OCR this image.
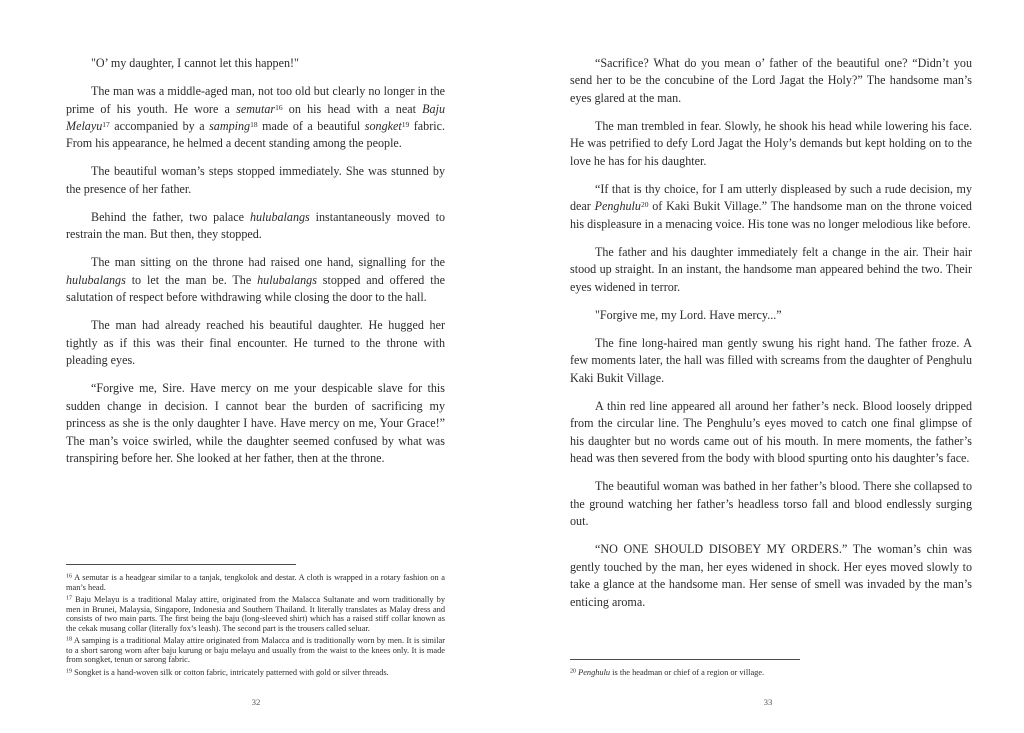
"O’ my daughter, I cannot let this happen!"

The man was a middle-aged man, not too old but clearly no longer in the prime of his youth. He wore a semutar$^{16}$ on his head with a neat Baju Melayu$^{17}$ accompanied by a samping$^{18}$ made of a beautiful songket$^{19}$ fabric. From his appearance, he helmed a decent standing among the people.

The beautiful woman’s steps stopped immediately. She was stunned by the presence of her father.

Behind the father, two palace hulubalangs instantaneously moved to restrain the man. But then, they stopped.

The man sitting on the throne had raised one hand, signalling for the hulubalangs to let the man be. The hulubalangs stopped and offered the salutation of respect before withdrawing while closing the door to the hall.

The man had already reached his beautiful daughter. He hugged her tightly as if this was their final encounter. He turned to the throne with pleading eyes.

“Forgive me, Sire. Have mercy on me your despicable slave for this sudden change in decision. I cannot bear the burden of sacrificing my princess as she is the only daughter I have. Have mercy on me, Your Grace!” The man’s voice swirled, while the daughter seemed confused by what was transpiring before her. She looked at her father, then at the throne.

$^{16}$ A semutar is a headgear similar to a tanjak, tengkolok and destar. A cloth is wrapped in a rotary fashion on a man’s head.

$^{17}$ Baju Melayu is a traditional Malay attire, originated from the Malacca Sultanate and worn traditionally by men in Brunei, Malaysia, Singapore, Indonesia and Southern Thailand. It literally translates as Malay dress and consists of two main parts. The first being the baju (long-sleeved shirt) which has a raised stiff collar known as the cekak musang collar (literally fox’s leash). The second part is the trousers called seluar.

$^{18}$ A samping is a traditional Malay attire originated from Malacca and is traditionally worn by men. It is similar to a short sarong worn after baju kurung or baju melayu and usually from the waist to the knees only. It is made from songket, tenun or sarong fabric.

$^{19}$ Songket is a hand-woven silk or cotton fabric, intricately patterned with gold or silver threads.

32

“Sacrifice? What do you mean o’ father of the beautiful one? “Didn’t you send her to be the concubine of the Lord Jagat the Holy?” The handsome man’s eyes glared at the man.

The man trembled in fear. Slowly, he shook his head while lowering his face. He was petrified to defy Lord Jagat the Holy’s demands but kept holding on to the love he has for his daughter.

“If that is thy choice, for I am utterly displeased by such a rude decision, my dear Penghulu$^{20}$ of Kaki Bukit Village.” The handsome man on the throne voiced his displeasure in a menacing voice. His tone was no longer melodious like before.

The father and his daughter immediately felt a change in the air. Their hair stood up straight. In an instant, the handsome man appeared behind the two. Their eyes widened in terror.

"Forgive me, my Lord. Have mercy...”

The fine long-haired man gently swung his right hand. The father froze. A few moments later, the hall was filled with screams from the daughter of Penghulu Kaki Bukit Village.

A thin red line appeared all around her father’s neck. Blood loosely dripped from the circular line. The Penghulu’s eyes moved to catch one final glimpse of his daughter but no words came out of his mouth. In mere moments, the father’s head was then severed from the body with blood spurting onto his daughter’s face.

The beautiful woman was bathed in her father’s blood. There she collapsed to the ground watching her father’s headless torso fall and blood endlessly surging out.

“NO ONE SHOULD DISOBEY MY ORDERS.” The woman’s chin was gently touched by the man, her eyes widened in shock. Her eyes moved slowly to take a glance at the handsome man. Her sense of smell was invaded by the man’s enticing aroma.

$^{20}$ Penghulu is the headman or chief of a region or village.

33
